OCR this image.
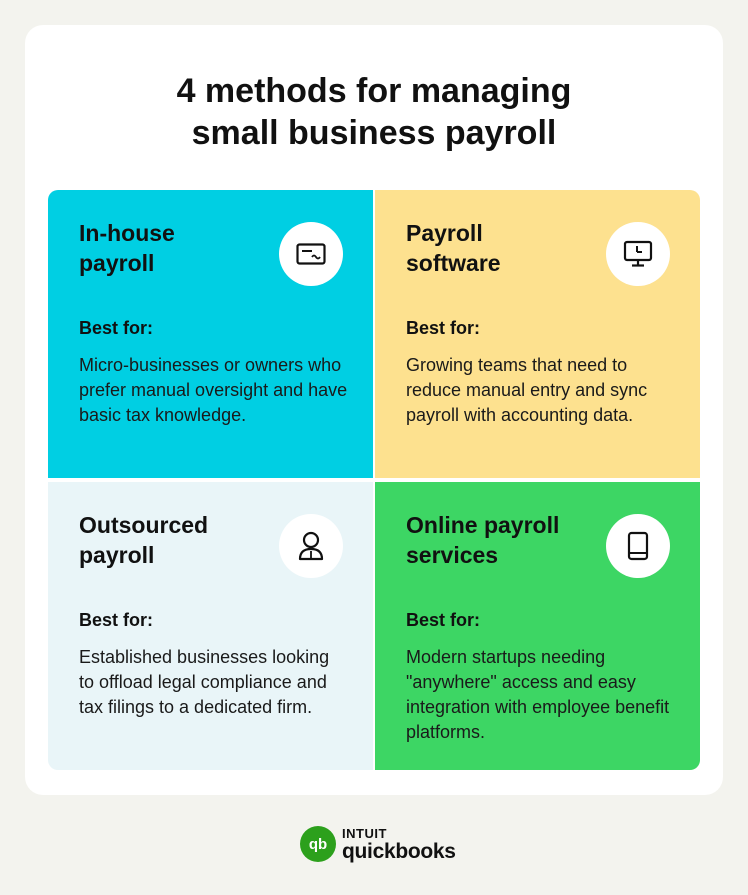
4 methods for managing
small business payroll
In-house
payroll

Best for:

Micro-businesses or owners who prefer manual oversight and have basic tax knowledge.

Payroll
software

Best for:

Growing teams that need to reduce manual entry and sync payroll with accounting data.

Outsourced
payroll

Best for:

Established businesses looking to offload legal compliance and tax filings to a dedicated firm.

Online payroll
services

Best for:

Modern startups needing "anywhere" access and easy integration with employee benefit platforms.

qb
INTUIT
quickbooks
